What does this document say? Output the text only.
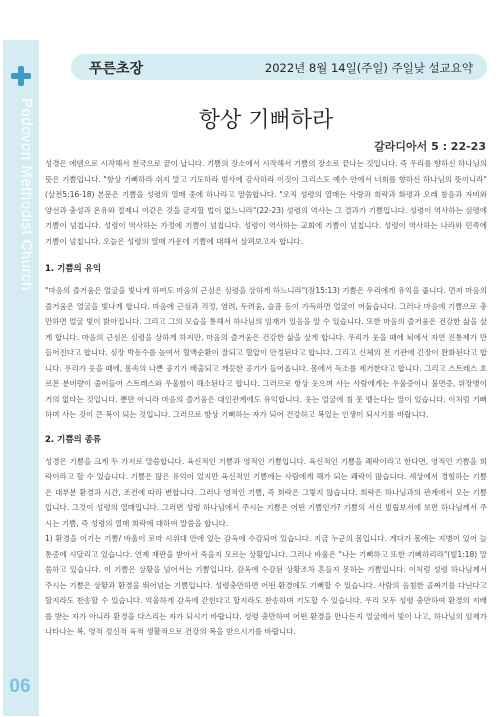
Podovon Methodist Church
06
푸른초장	2022년 8월 14일(주일) 주일낮 설교요약
항상 기뻐하라
갈라디아서 5 : 22-23

성경은 에덴으로 시작해서 천국으로 끝이 납니다. 기쁨의 장소에서 시작해서 기쁨의 장소로 끝나는 것입니다. 즉 우리를 향하신 하나님의 뜻은 기쁨입니다. "항상 기뻐하라 쉬지 말고 기도하라 범사에 감사하라 이것이 그리스도 예수 안에서 너희를 향하신 하나님의 뜻이니라"(살전5:16-18) 본문은 기쁨을 성령의 열매 중에 하나라고 말씀합니다. "오직 성령의 열매는 사랑과 희락과 화평과 오래 참음과 자비와 양선과 충성과 온유와 절제니 이같은 것을 금지할 법이 없느니라"(22-23) 성령의 역사는 그 결과가 기쁨입니다. 성령이 역사하는 심령에 기쁨이 넘칩니다. 성령이 역사하는 가정에 기쁨이 넘칩니다. 성령이 역사하는 교회에 기쁨이 넘칩니다. 성령이 역사하는 나라와 민족에 기쁨이 넘칩니다. 오늘은 성령의 열매 가운데 기쁨에 대해서 살펴보고자 합니다.

1. 기쁨의 유익

"마음의 즐거움은 얼굴을 빛나게 하여도 마음의 근심은 심령을 상하게 하느니라"(잠15:13) 기쁨은 우리에게 유익을 줍니다. 먼저 마음의 즐거움은 얼굴을 빛나게 합니다. 마음에 근심과 걱정, 염려, 두려움, 슬픔 등이 가득하면 얼굴이 어둡습니다. 그러나 마음에 기쁨으로 충만하면 얼굴 빛이 밝아집니다. 그리고 그의 모습을 통해서 하나님의 임재가 있음을 알 수 있습니다. 또한 마음의 즐거움은 건강한 삶을 살게 합니다. 마음의 근심은 심령을 상하게 하지만, 마음의 즐거움은 건강한 삶을 살게 합니다. 우리가 웃을 때에 뇌에서 자연 진통제가 만들어진다고 합니다. 심장 박동수를 높여서 혈액순환이 잘되고 혈압이 안정된다고 합니다. 그리고 신체의 전 기관에 긴장이 완화된다고 합니다. 우리가 웃을 때에, 몸속의 나쁜 공기가 배출되고 깨끗한 공기가 들어옵니다. 몸에서 독소를 제거한다고 합니다. 그리고 스트레스 호르몬 분비량이 줄어들어 스트레스와 우울함이 해소된다고 합니다. 그러므로 항상 웃으며 사는 사람에게는 우울증이나 불면증, 위장병이 거의 없다는 것입니다. 뿐만 아니라 마음의 즐거움은 대인관계에도 유익합니다. 웃는 얼굴에 침 못 뱉는다는 말이 있습니다. 이처럼 기뻐하며 사는 것이 큰 복이 되는 것입니다. 그러므로 항상 기뻐하는 자가 되어 건강하고 복있는 인생이 되시기를 바랍니다.

2. 기쁨의 종류

성경은 기쁨을 크게 두 가지로 말씀합니다. 육신적인 기쁨과 영적인 기쁨입니다. 육신적인 기쁨을 쾌락이라고 한다면, 영적인 기쁨을 희락이라고 할 수 있습니다. 기쁨은 많은 유익이 있지만 육신적인 기쁨에는 사람에게 해가 되는 쾌락이 많습니다. 세상에서 경험하는 기쁨은 대부분 환경과 시간, 조건에 따라 변합니다. 그러나 영적인 기쁨, 즉 희락은 그렇지 않습니다. 희락은 하나님과의 관계에서 오는 기쁨입니다. 그것이 성령의 열매입니다. 그러면 성령 하나님에서 주시는 기쁨은 어떤 기쁨인가? 기쁨의 서신 빌립보서에 보면 하나님께서 주시는 기쁨, 즉 성령의 열매 희락에 대하여 말씀을 합니다.

1) 환경을 이기는 기쁨/ 바울이 로마 시위대 안에 있는 감옥에 수감되어 있습니다. 지금 누군의 몸입니다. 게다가 몸에는 지병이 있어 늘 통증에 시달리고 있습니다. 언제 재판을 받아서 죽을지 모르는 상황입니다. 그러나 바울은 "나는 기뻐하고 또한 기뻐하리라"(빌1:18) 말씀하고 있습니다. 이 기쁨은 상황을 넘어서는 기쁨입니다. 감옥에 수감된 상황조차 흔들지 못하는 기쁨입니다. 이처럼 성령 하나님께서 주시는 기쁨은 상황과 환경을 뛰어넘는 기쁨입니다. 성령충만하면 어떤 환경에도 기뻐할 수 있습니다. 사람의 음침한 골짜기를 다닌다고 할지라도 찬송할 수 있습니다. 억울하게 감옥에 갇힌다고 할지라도 찬송하며 기도할 수 있습니다. 우리 모두 성령 충만하여 환경의 지배를 받는 자가 아니라 환경을 다스리는 자가 되시기 바랍니다. 성령 충만하여 어떤 환경을 만나든지 얼굴에서 빛이 나고, 하나님의 임재가 나타나는 복, 영적 정신적 육적 생활적으로 건강의 복을 받으시기를 바랍니다.
